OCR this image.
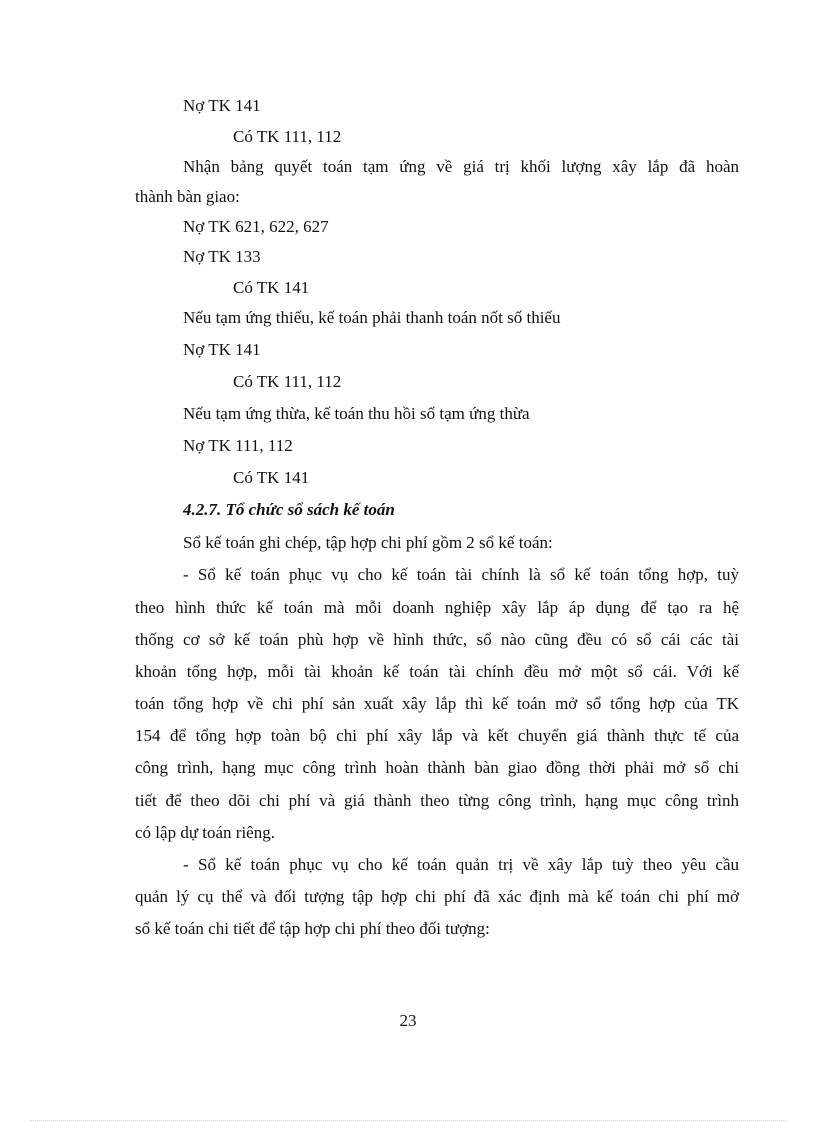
Nợ TK 141
Có TK 111, 112
Nhận bảng quyết toán tạm ứng về giá trị khối lượng xây lắp đã hoàn
thành bàn giao:
Nợ TK 621, 622, 627
Nợ TK 133
Có TK 141
Nếu tạm ứng thiếu, kế toán phải thanh toán nốt số thiếu
Nợ TK 141
Có TK 111, 112
Nếu tạm ứng thừa, kế toán thu hồi số tạm ứng thừa
Nợ TK 111, 112
Có TK 141
4.2.7. Tổ chức sổ sách kế toán
Sổ kế toán ghi chép, tập hợp chi phí gồm 2 sổ kế toán:
- Sổ kế toán phục vụ cho kế toán tài chính là sổ kế toán tổng hợp, tuỳ
theo hình thức kế toán mà mỗi doanh nghiệp xây lắp áp dụng để tạo ra hệ
thống cơ sở kế toán phù hợp về hình thức, sổ nào cũng đều có sổ cái các tài
khoản tổng hợp, mỗi tài khoản kế toán tài chính đều mở một sổ cái. Với kế
toán tổng hợp về chi phí sản xuất xây lắp thì kế toán mở sổ tổng hợp của TK
154 để tổng hợp toàn bộ chi phí xây lắp và kết chuyển giá thành thực tế của
công trình, hạng mục công trình hoàn thành bàn giao đồng thời phải mở sổ chi
tiết để theo dõi chi phí và giá thành theo từng công trình, hạng mục công trình
có lập dự toán riêng.
- Sổ kế toán phục vụ cho kế toán quản trị về xây lắp tuỳ theo yêu cầu
quản lý cụ thể và đối tượng tập hợp chi phí đã xác định mà kế toán chi phí mở
sổ kế toán chi tiết để tập hợp chi phí theo đối tượng:
23
